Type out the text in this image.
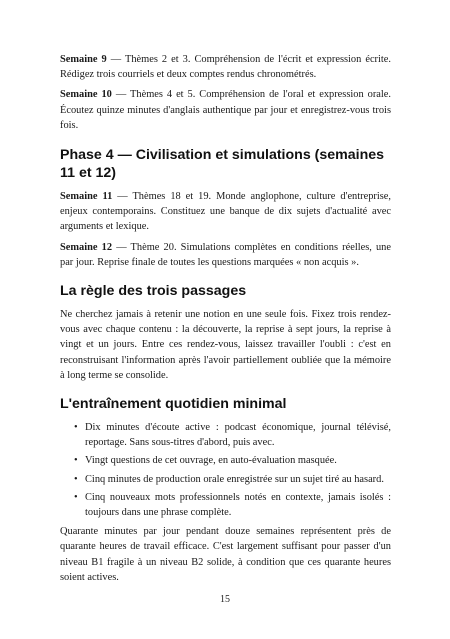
Semaine 9 — Thèmes 2 et 3. Compréhension de l'écrit et expression écrite. Rédigez trois courriels et deux comptes rendus chronométrés.

Semaine 10 — Thèmes 4 et 5. Compréhension de l'oral et expression orale. Écoutez quinze minutes d'anglais authentique par jour et enregistrez-vous trois fois.

Phase 4 — Civilisation et simulations (semaines 11 et 12)

Semaine 11 — Thèmes 18 et 19. Monde anglophone, culture d'entreprise, enjeux contemporains. Constituez une banque de dix sujets d'actualité avec arguments et lexique.

Semaine 12 — Thème 20. Simulations complètes en conditions réelles, une par jour. Reprise finale de toutes les questions marquées « non acquis ».

La règle des trois passages

Ne cherchez jamais à retenir une notion en une seule fois. Fixez trois rendez-vous avec chaque contenu : la découverte, la reprise à sept jours, la reprise à vingt et un jours. Entre ces rendez-vous, laissez travailler l'oubli : c'est en reconstruisant l'information après l'avoir partiellement oubliée que la mémoire à long terme se consolide.

L'entraînement quotidien minimal
• Dix minutes d'écoute active : podcast économique, journal télévisé, reportage. Sans sous-titres d'abord, puis avec.
• Vingt questions de cet ouvrage, en auto-évaluation masquée.
• Cinq minutes de production orale enregistrée sur un sujet tiré au hasard.
• Cinq nouveaux mots professionnels notés en contexte, jamais isolés : toujours dans une phrase complète.

Quarante minutes par jour pendant douze semaines représentent près de quarante heures de travail efficace. C'est largement suffisant pour passer d'un niveau B1 fragile à un niveau B2 solide, à condition que ces quarante heures soient actives.

15
